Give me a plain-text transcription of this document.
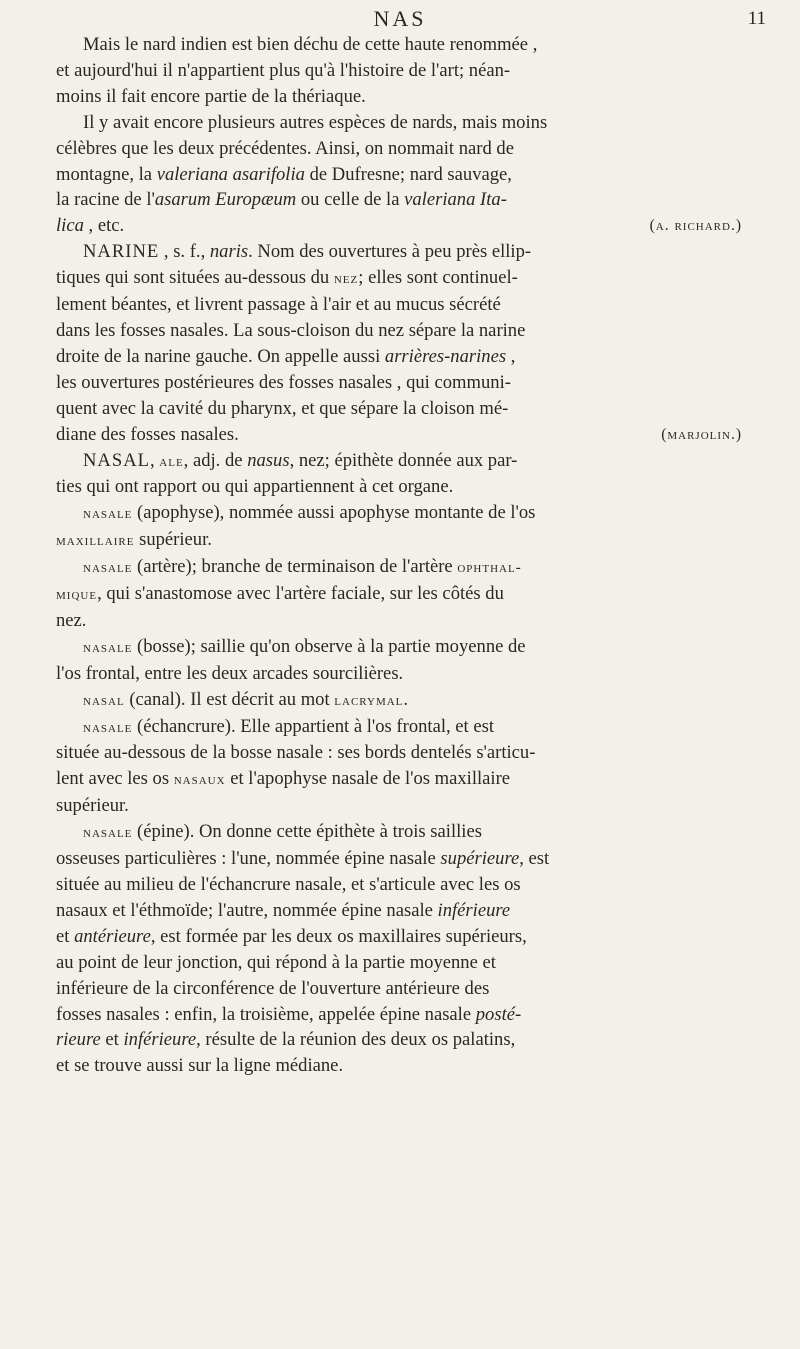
NAS	11
Mais le nard indien est bien déchu de cette haute renommée ,
et aujourd'hui il n'appartient plus qu'à l'histoire de l'art; néan-
moins il fait encore partie de la thériaque.
Il y avait encore plusieurs autres espèces de nards, mais moins
célèbres que les deux précédentes. Ainsi, on nommait nard de
montagne, la valeriana asarifolia de Dufresne; nard sauvage,
la racine de l'asarum Europæum ou celle de la valeriana Ita-
lica , etc.	(a. richard.)
NARINE , s. f., naris. Nom des ouvertures à peu près ellip-
tiques qui sont situées au-dessous du nez; elles sont continuel-
lement béantes, et livrent passage à l'air et au mucus sécrété
dans les fosses nasales. La sous-cloison du nez sépare la narine
droite de la narine gauche. On appelle aussi arrières-narines ,
les ouvertures postérieures des fosses nasales , qui communi-
quent avec la cavité du pharynx, et que sépare la cloison mé-
diane des fosses nasales.	(marjolin.)
NASAL, ale, adj. de nasus, nez; épithète donnée aux par-
ties qui ont rapport ou qui appartiennent à cet organe.
nasale (apophyse), nommée aussi apophyse montante de l'os
maxillaire supérieur.
nasale (artère); branche de terminaison de l'artère ophthal-
mique, qui s'anastomose avec l'artère faciale, sur les côtés du
nez.
nasale (bosse); saillie qu'on observe à la partie moyenne de
l'os frontal, entre les deux arcades sourcilières.
nasal (canal). Il est décrit au mot lacrymal.
nasale (échancrure). Elle appartient à l'os frontal, et est
située au-dessous de la bosse nasale : ses bords dentelés s'articu-
lent avec les os nasaux et l'apophyse nasale de l'os maxillaire
supérieur.
nasale (épine). On donne cette épithète à trois saillies
osseuses particulières : l'une, nommée épine nasale supérieure, est
située au milieu de l'échancrure nasale, et s'articule avec les os
nasaux et l'éthmoïde; l'autre, nommée épine nasale inférieure
et antérieure, est formée par les deux os maxillaires supérieurs,
au point de leur jonction, qui répond à la partie moyenne et
inférieure de la circonférence de l'ouverture antérieure des
fosses nasales : enfin, la troisième, appelée épine nasale posté-
rieure et inférieure, résulte de la réunion des deux os palatins,
et se trouve aussi sur la ligne médiane.
